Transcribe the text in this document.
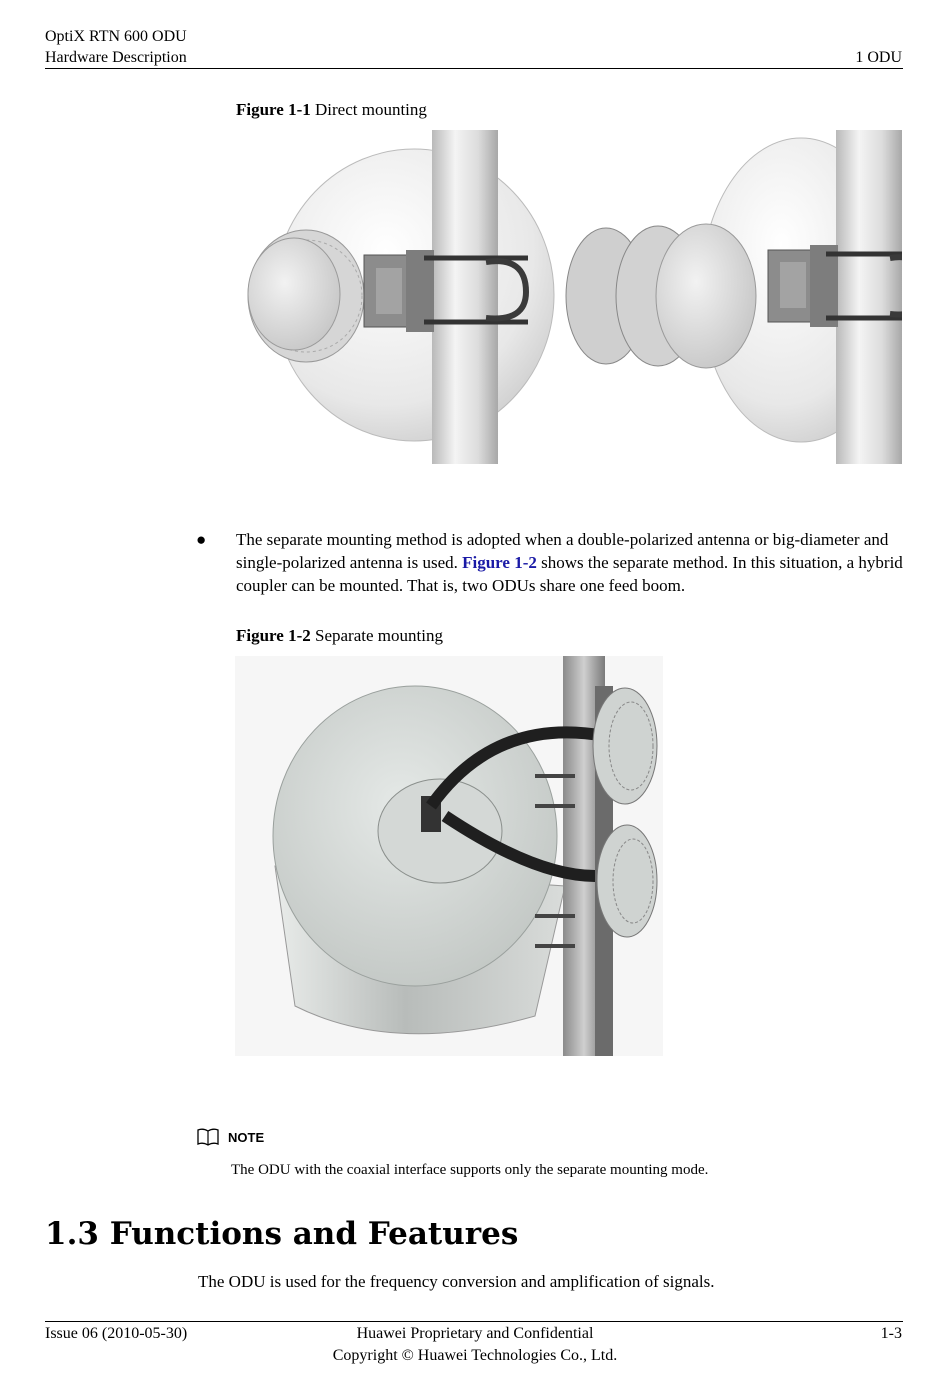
OptiX RTN 600 ODU
Hardware Description	1 ODU
Figure 1-1 Direct mounting
● The separate mounting method is adopted when a double-polarized antenna or big-diameter and single-polarized antenna is used. Figure 1-2 shows the separate method. In this situation, a hybrid coupler can be mounted. That is, two ODUs share one feed boom.
Figure 1-2 Separate mounting
NOTE
The ODU with the coaxial interface supports only the separate mounting mode.
1.3 Functions and Features
The ODU is used for the frequency conversion and amplification of signals.
Issue 06 (2010-05-30)	Huawei Proprietary and Confidential
Copyright © Huawei Technologies Co., Ltd.
1-3
